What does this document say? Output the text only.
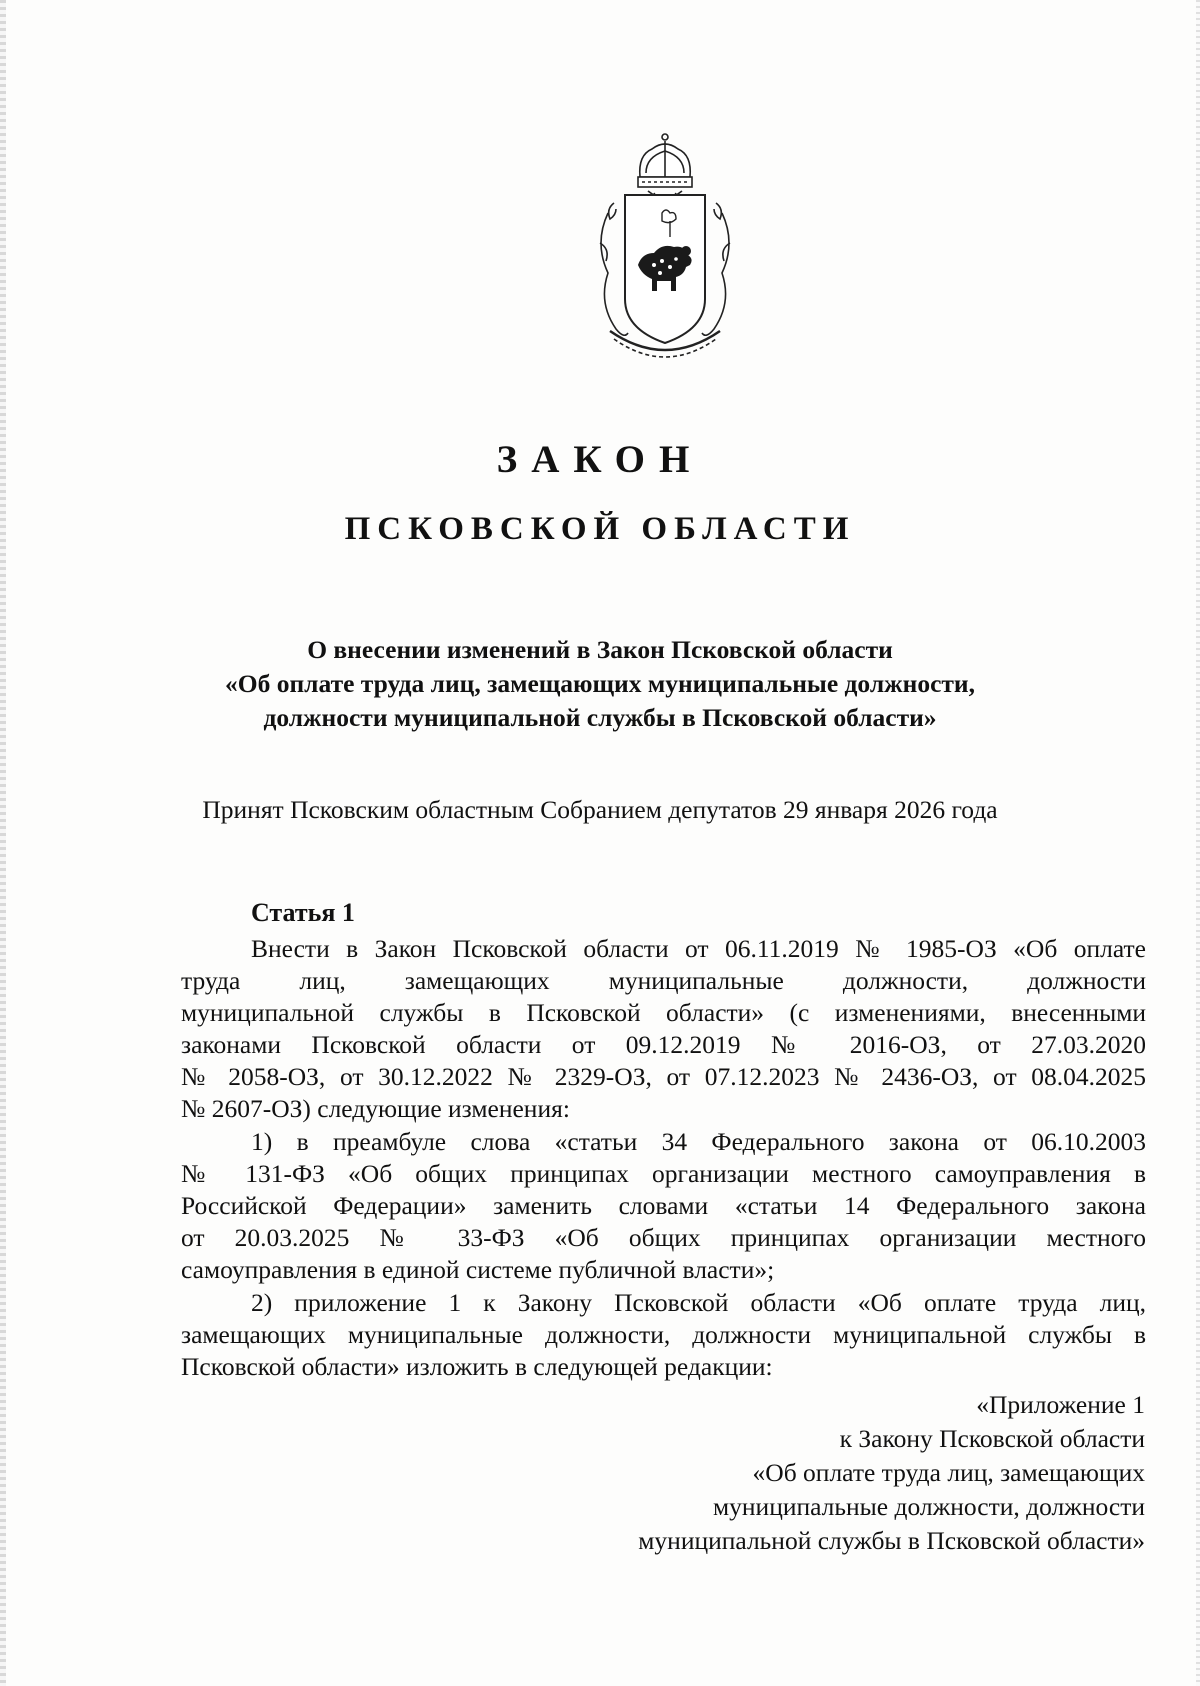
ЗАКОН
ПСКОВСКОЙ ОБЛАСТИ
О внесении изменений в Закон Псковской области
«Об оплате труда лиц, замещающих муниципальные должности,
должности муниципальной службы в Псковской области»
Принят Псковским областным Собранием депутатов 29 января 2026 года
Статья 1
Внести в Закон Псковской области от 06.11.2019 № 1985-ОЗ «Об оплате
труда лиц, замещающих муниципальные должности, должности
муниципальной службы в Псковской области» (с изменениями, внесенными
законами Псковской области от 09.12.2019 № 2016-ОЗ, от 27.03.2020
№ 2058-ОЗ, от 30.12.2022 № 2329-ОЗ, от 07.12.2023 № 2436-ОЗ, от 08.04.2025
№ 2607-ОЗ) следующие изменения:
1) в преамбуле слова «статьи 34 Федерального закона от 06.10.2003
№ 131-ФЗ «Об общих принципах организации местного самоуправления в
Российской Федерации» заменить словами «статьи 14 Федерального закона
от 20.03.2025 № 33-ФЗ «Об общих принципах организации местного
самоуправления в единой системе публичной власти»;
2) приложение 1 к Закону Псковской области «Об оплате труда лиц,
замещающих муниципальные должности, должности муниципальной службы в
Псковской области» изложить в следующей редакции:
«Приложение 1
к Закону Псковской области
«Об оплате труда лиц, замещающих
муниципальные должности, должности
муниципальной службы в Псковской области»
